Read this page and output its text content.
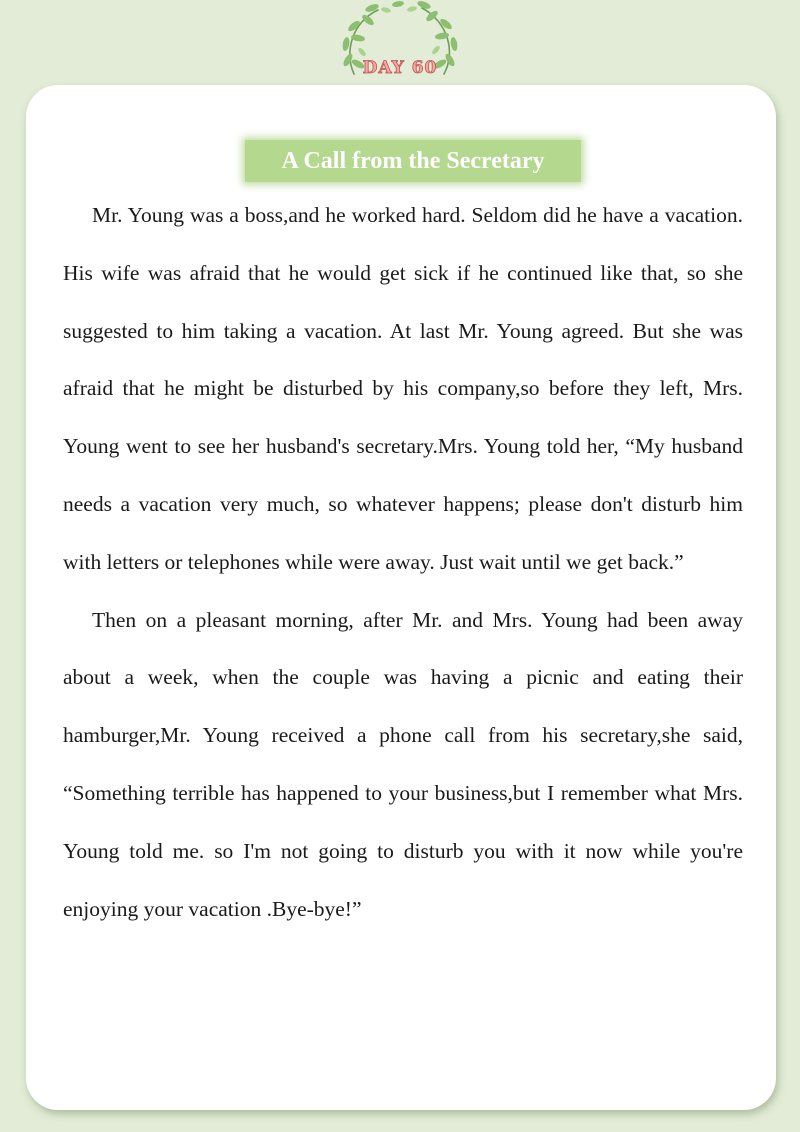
DAY 60
A Call from the Secretary

Mr. Young was a boss,and he worked hard. Seldom did he have a vacation. His wife was afraid that he would get sick if he continued like that, so she suggested to him taking a vacation. At last Mr. Young agreed. But she was afraid that he might be disturbed by his company,so before they left, Mrs. Young went to see her husband's secretary.Mrs. Young told her, “My husband needs a vacation very much, so whatever happens; please don't disturb him with letters or telephones while were away. Just wait until we get back.”

Then on a pleasant morning, after Mr. and Mrs. Young had been away about a week, when the couple was having a picnic and eating their hamburger,Mr. Young received a phone call from his secretary,she said, “Something terrible has happened to your business,but I remember what Mrs. Young told me. so I'm not going to disturb you with it now while you're enjoying your vacation .Bye-bye!”
